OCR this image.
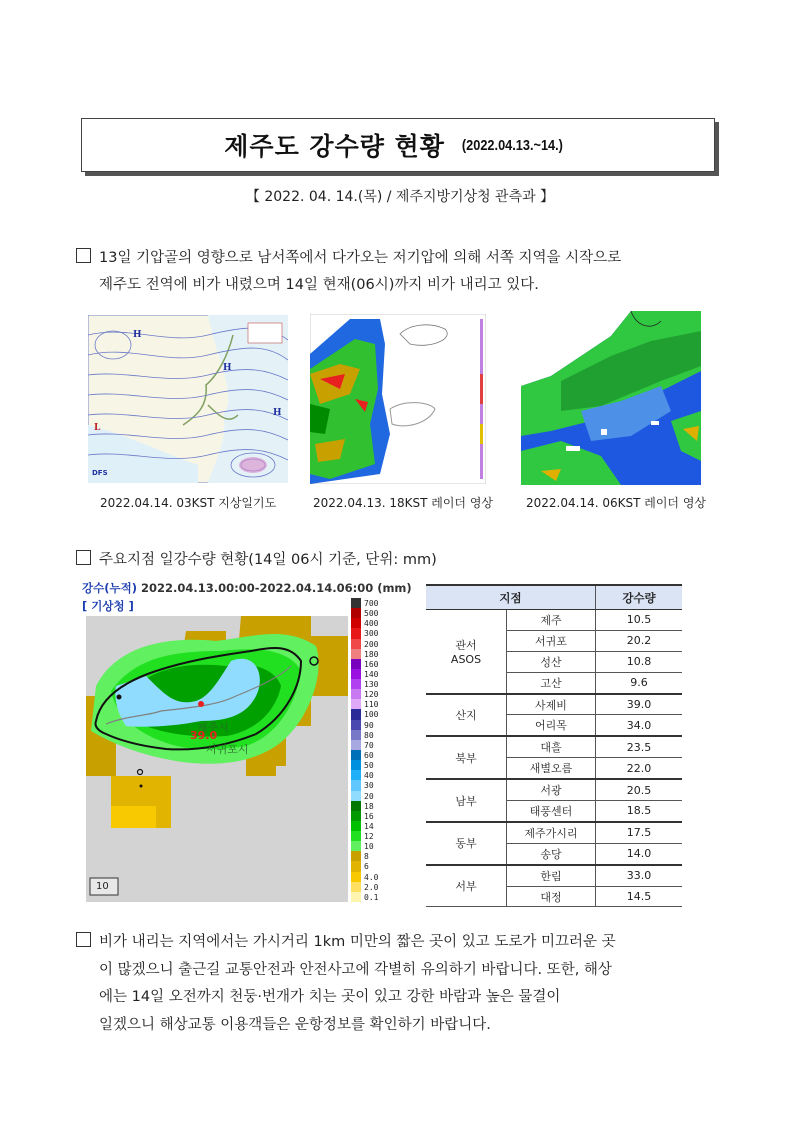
제주도 강수량 현황 (2022.04.13.~14.)
【 2022. 04. 14.(목) / 제주지방기상청 관측과 】
13일 기압골의 영향으로 남서쪽에서 다가오는 저기압에 의해 서쪽 지역을 시작으로
제주도 전역에 비가 내렸으며 14일 현재(06시)까지 비가 내리고 있다.
H
H
H
L
DFS
2022.04.14. 03KST 지상일기도	2022.04.13. 18KST 레이더 영상	2022.04.14. 06KST 레이더 영상
주요지점 일강수량 현황(14일 06시 기준, 단위: mm)
강수(누적) 2022.04.13.00:00-2022.04.14.06:00 (mm)
[ 기상청 ]
제주시
서귀포시
39.0
10
700
500
400
300
200
180
160
140
130
120
110
100
90
80
70
60
50
40
30
20
18
16
14
12
10
8
6
4.0
2.0
0.1
지점		강수량

관서
ASOS	제주	10.5
	서귀포	20.2
	성산	10.8
	고산	9.6

산지	사제비	39.0
	어리목	34.0

북부	대흘	23.5
	새별오름	22.0

남부	서광	20.5
	태풍센터	18.5

동부	제주가시리	17.5
	송당	14.0

서부	한림	33.0
	대정	14.5
비가 내리는 지역에서는 가시거리 1km 미만의 짧은 곳이 있고 도로가 미끄러운 곳
이 많겠으니 출근길 교통안전과 안전사고에 각별히 유의하기 바랍니다. 또한, 해상
에는 14일 오전까지 천둥·번개가 치는 곳이 있고 강한 바람과 높은 물결이
일겠으니 해상교통 이용객들은 운항정보를 확인하기 바랍니다.
